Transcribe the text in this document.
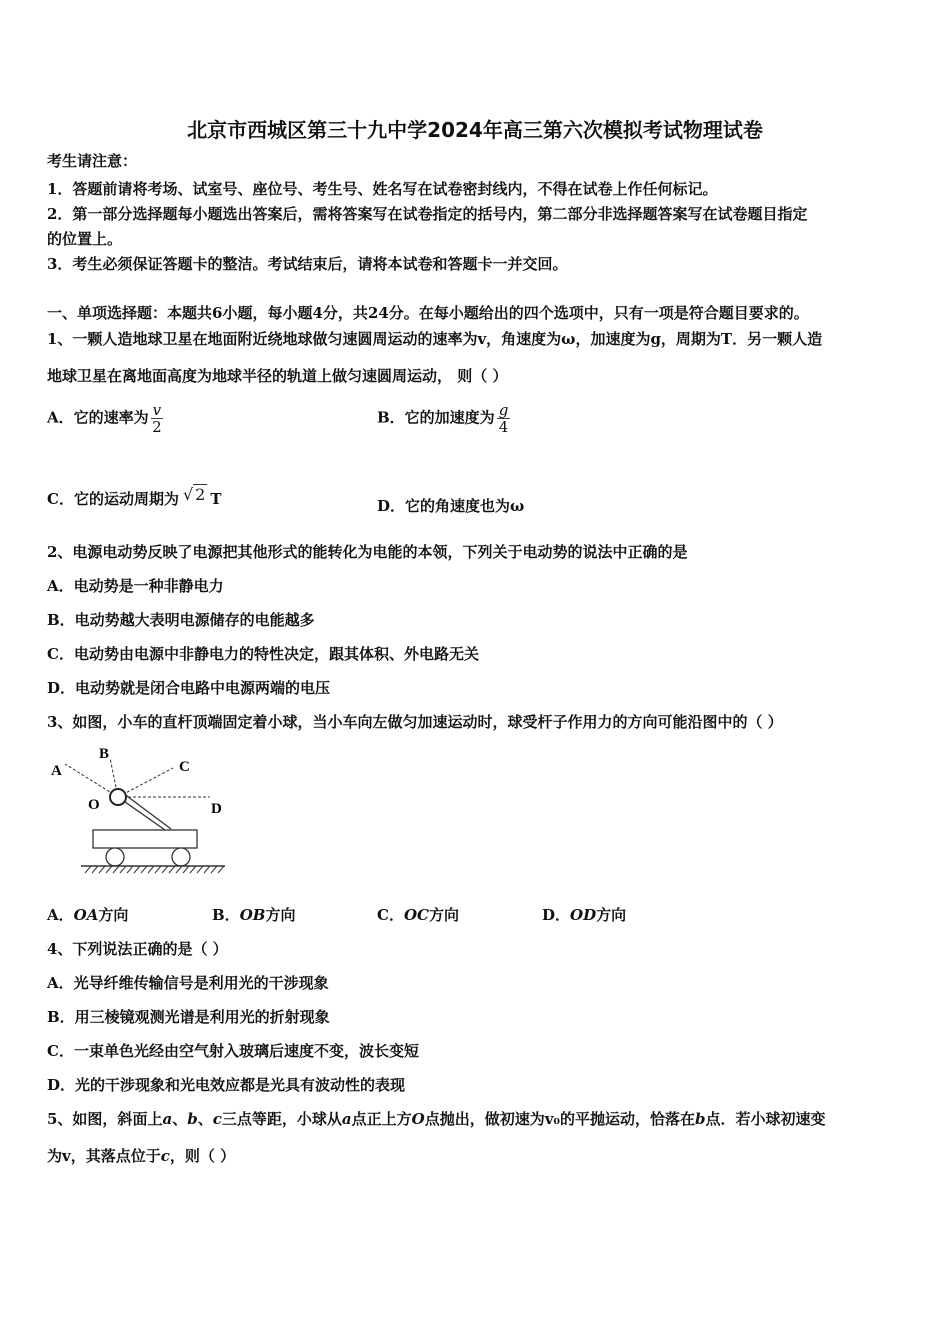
北京市西城区第三十九中学2024年高三第六次模拟考试物理试卷
考生请注意：
1．答题前请将考场、试室号、座位号、考生号、姓名写在试卷密封线内，不得在试卷上作任何标记。
2．第一部分选择题每小题选出答案后，需将答案写在试卷指定的括号内，第二部分非选择题答案写在试卷题目指定
的位置上。
3．考生必须保证答题卡的整洁。考试结束后，请将本试卷和答题卡一并交回。
一、单项选择题：本题共6小题，每小题4分，共24分。在每小题给出的四个选项中，只有一项是符合题目要求的。
1、一颗人造地球卫星在地面附近绕地球做匀速圆周运动的速率为v，角速度为ω，加速度为g，周期为T．另一颗人造
地球卫星在离地面高度为地球半径的轨道上做匀速圆周运动， 则（ ）
A．它的速率为 $\frac{v}{2}$	B．它的加速度为 $\frac{g}{4}$
C．它的运动周期为 √ 2 T	D．它的角速度也为ω
2、电源电动势反映了电源把其他形式的能转化为电能的本领，下列关于电动势的说法中正确的是
A．电动势是一种非静电力
B．电动势越大表明电源储存的电能越多
C．电动势由电源中非静电力的特性决定，跟其体积、外电路无关
D．电动势就是闭合电路中电源两端的电压
3、如图，小车的直杆顶端固定着小球，当小车向左做匀加速运动时，球受杆子作用力的方向可能沿图中的（ ）
A
B
C
D
O
A．OA方向	B．OB方向	C．OC方向	D．OD方向
4、下列说法正确的是（ ）
A．光导纤维传输信号是利用光的干涉现象
B．用三棱镜观测光谱是利用光的折射现象
C．一束单色光经由空气射入玻璃后速度不变，波长变短
D．光的干涉现象和光电效应都是光具有波动性的表现
5、如图，斜面上a、b、c三点等距，小球从a点正上方O点抛出，做初速为v₀的平抛运动，恰落在b点．若小球初速变
为v，其落点位于c，则（ ）
